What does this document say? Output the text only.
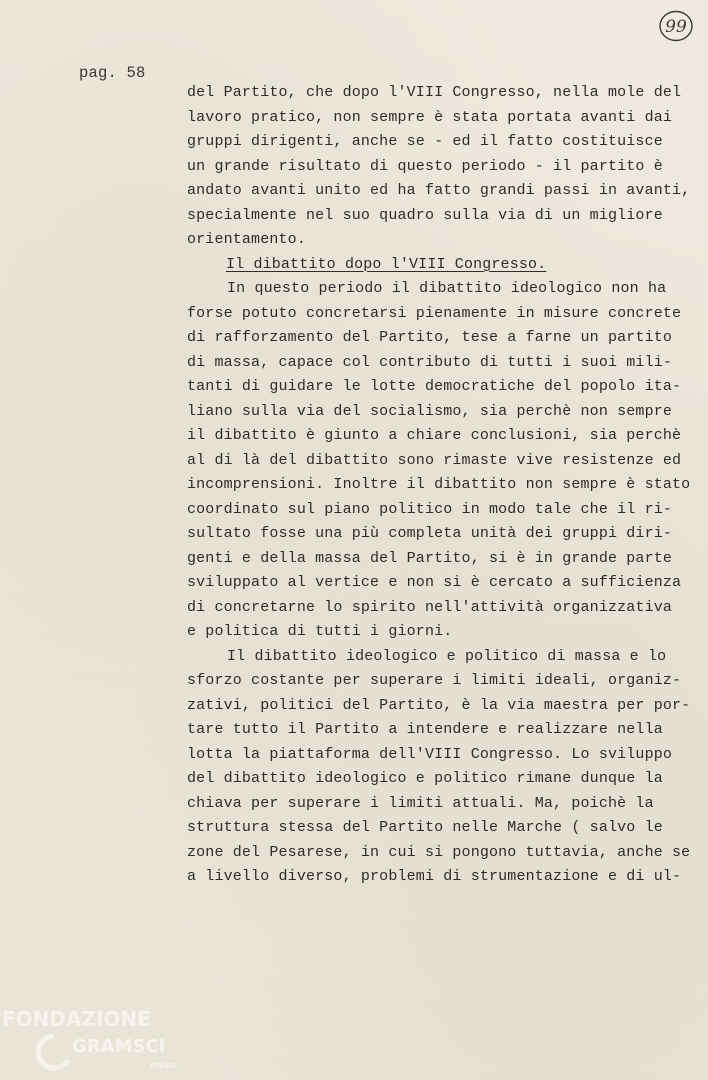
pag. 58
99
del Partito, che dopo l'VIII Congresso, nella mole del
lavoro pratico, non sempre è stata portata avanti dai
gruppi dirigenti, anche se - ed il fatto costituisce
un grande risultato di questo periodo - il partito è
andato avanti unito ed ha fatto grandi passi in avanti,
specialmente nel suo quadro sulla via di un migliore
orientamento.
Il dibattito dopo l'VIII Congresso.
In questo periodo il dibattito ideologico non ha
forse potuto concretarsi pienamente in misure concrete
di rafforzamento del Partito, tese a farne un partito
di massa, capace col contributo di tutti i suoi mili-
tanti di guidare le lotte democratiche del popolo ita-
liano sulla via del socialismo, sia perchè non sempre
il dibattito è giunto a chiare conclusioni, sia perchè
al di là del dibattito sono rimaste vive resistenze ed
incomprensioni. Inoltre il dibattito non sempre è stato
coordinato sul piano politico in modo tale che il ri-
sultato fosse una più completa unità dei gruppi diri-
genti e della massa del Partito, si è in grande parte
sviluppato al vertice e non si è cercato a sufficienza
di concretarne lo spirito nell'attività organizzativa
e politica di tutti i giorni.
Il dibattito ideologico e politico di massa e lo
sforzo costante per superare i limiti ideali, organiz-
zativi, politici del Partito, è la via maestra per por-
tare tutto il Partito a intendere e realizzare nella
lotta la piattaforma dell'VIII Congresso. Lo sviluppo
del dibattito ideologico e politico rimane dunque la
chiava per superare i limiti attuali. Ma, poichè la
struttura stessa del Partito nelle Marche ( salvo le
zone del Pesarese, in cui si pongono tuttavia, anche se
a livello diverso, problemi di strumentazione e di ul-
FONDAZIONE
GRAMSCI
onlus
